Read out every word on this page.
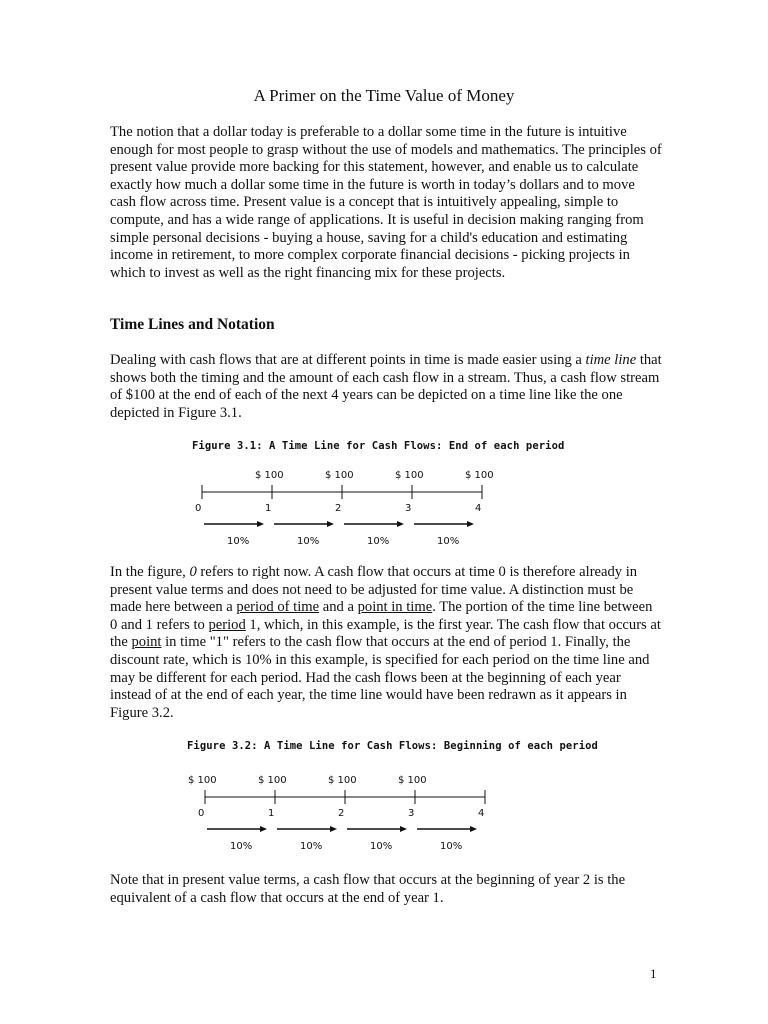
A Primer on the Time Value of Money

The notion that a dollar today is preferable to a dollar some time in the future is intuitive enough for most people to grasp without the use of models and mathematics. The principles of present value provide more backing for this statement, however, and enable us to calculate exactly how much a dollar some time in the future is worth in today’s dollars and to move cash flow across time. Present value is a concept that is intuitively appealing, simple to compute, and has a wide range of applications. It is useful in decision making ranging from simple personal decisions - buying a house, saving for a child's education and estimating income in retirement, to more complex corporate financial decisions - picking projects in which to invest as well as the right financing mix for these projects.

Time Lines and Notation

Dealing with cash flows that are at different points in time is made easier using a time line that shows both the timing and the amount of each cash flow in a stream. Thus, a cash flow stream of $100 at the end of each of the next 4 years can be depicted on a time line like the one depicted in Figure 3.1.

Figure 3.1: A Time Line for Cash Flows: End of each period
0	1	2	3	4
$ 100	$ 100	$ 100	$ 100
10%	10%	10%	10%

In the figure, 0 refers to right now. A cash flow that occurs at time 0 is therefore already in present value terms and does not need to be adjusted for time value. A distinction must be made here between a period of time and a point in time. The portion of the time line between 0 and 1 refers to period 1, which, in this example, is the first year. The cash flow that occurs at the point in time "1" refers to the cash flow that occurs at the end of period 1. Finally, the discount rate, which is 10% in this example, is specified for each period on the time line and may be different for each period. Had the cash flows been at the beginning of each year instead of at the end of each year, the time line would have been redrawn as it appears in Figure 3.2.

Figure 3.2: A Time Line for Cash Flows: Beginning of each period
0	1	2	3	4
$ 100	$ 100	$ 100	$ 100
10%	10%	10%	10%

Note that in present value terms, a cash flow that occurs at the beginning of year 2 is the equivalent of a cash flow that occurs at the end of year 1.

1
